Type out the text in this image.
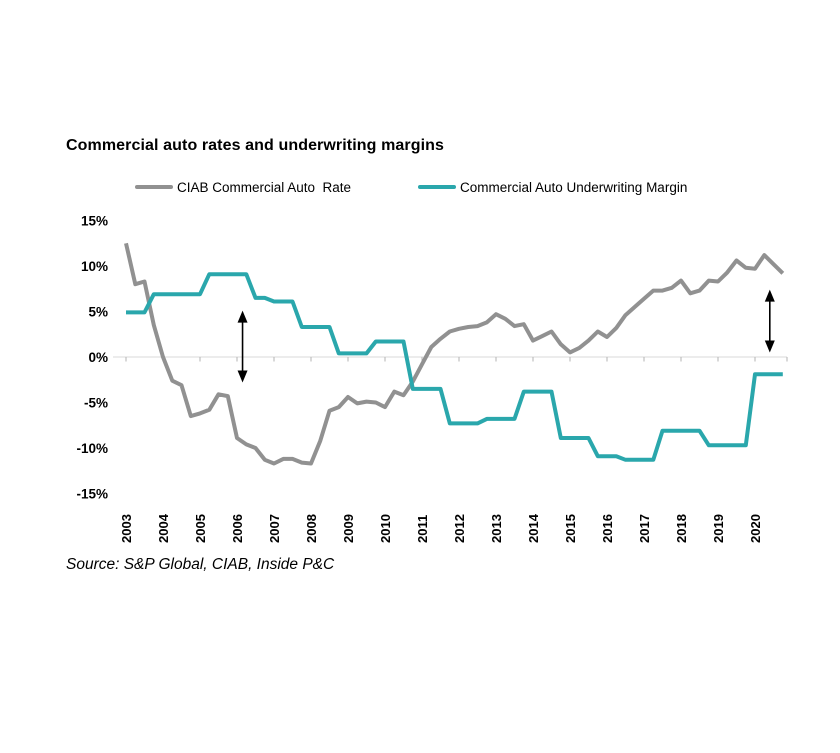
Commercial auto rates and underwriting margins
CIAB Commercial Auto  Rate	Commercial Auto Underwriting Margin
15%
10%
5%
0%
-5%
-10%
-15%
2003 2004 2005 2006 2007 2008 2009 2010 2011 2012 2013 2014 2015 2016 2017 2018 2019 2020
Source: S&P Global, CIAB, Inside P&C
